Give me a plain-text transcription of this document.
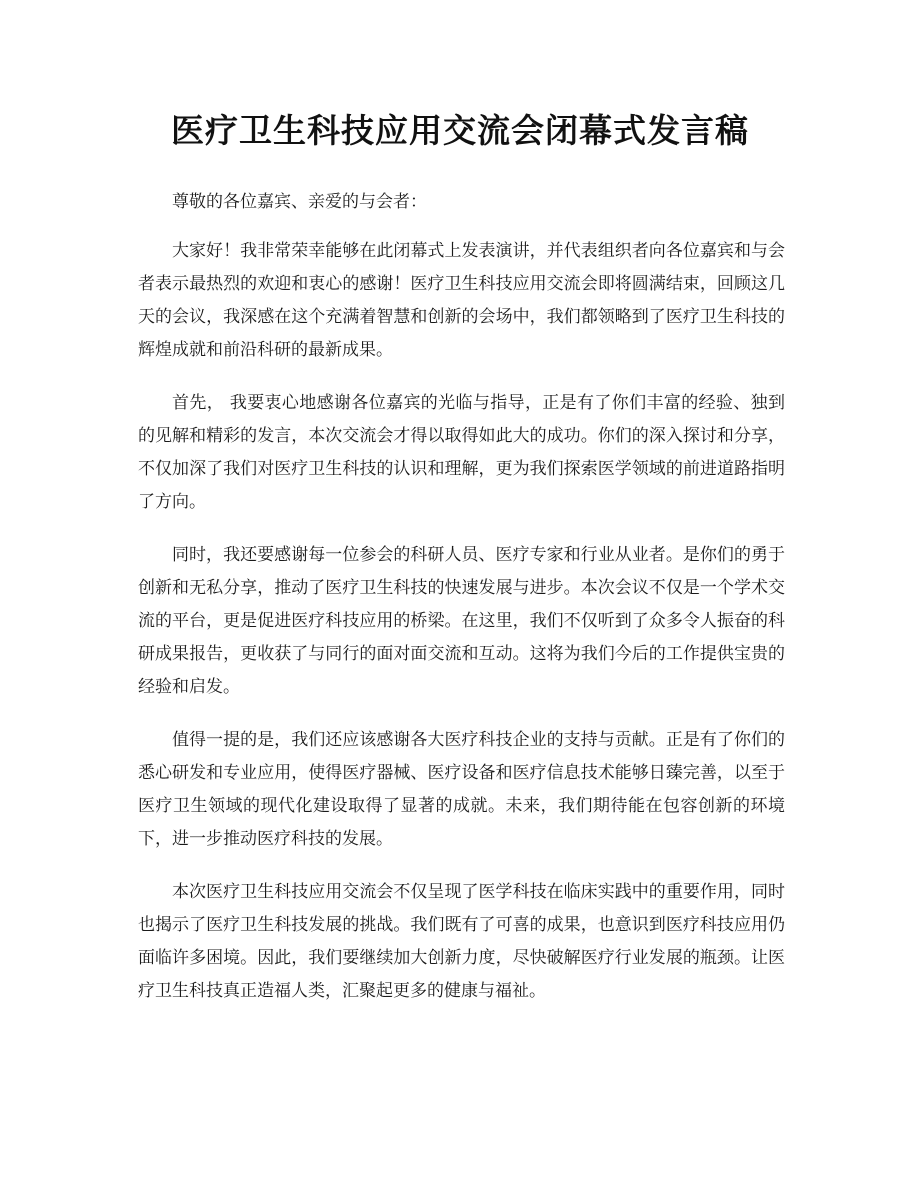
医疗卫生科技应用交流会闭幕式发言稿

尊敬的各位嘉宾、亲爱的与会者：

大家好！我非常荣幸能够在此闭幕式上发表演讲，并代表组织者向各位嘉宾和与会者表示最热烈的欢迎和衷心的感谢！医疗卫生科技应用交流会即将圆满结束，回顾这几天的会议，我深感在这个充满着智慧和创新的会场中，我们都领略到了医疗卫生科技的辉煌成就和前沿科研的最新成果。

首先， 我要衷心地感谢各位嘉宾的光临与指导，正是有了你们丰富的经验、独到的见解和精彩的发言，本次交流会才得以取得如此大的成功。你们的深入探讨和分享，不仅加深了我们对医疗卫生科技的认识和理解，更为我们探索医学领域的前进道路指明了方向。

同时，我还要感谢每一位参会的科研人员、医疗专家和行业从业者。是你们的勇于创新和无私分享，推动了医疗卫生科技的快速发展与进步。本次会议不仅是一个学术交流的平台，更是促进医疗科技应用的桥梁。在这里，我们不仅听到了众多令人振奋的科研成果报告，更收获了与同行的面对面交流和互动。这将为我们今后的工作提供宝贵的经验和启发。

值得一提的是，我们还应该感谢各大医疗科技企业的支持与贡献。正是有了你们的悉心研发和专业应用，使得医疗器械、医疗设备和医疗信息技术能够日臻完善，以至于医疗卫生领域的现代化建设取得了显著的成就。未来，我们期待能在包容创新的环境下，进一步推动医疗科技的发展。

本次医疗卫生科技应用交流会不仅呈现了医学科技在临床实践中的重要作用，同时也揭示了医疗卫生科技发展的挑战。我们既有了可喜的成果，也意识到医疗科技应用仍面临许多困境。因此，我们要继续加大创新力度，尽快破解医疗行业发展的瓶颈。让医疗卫生科技真正造福人类，汇聚起更多的健康与福祉。
